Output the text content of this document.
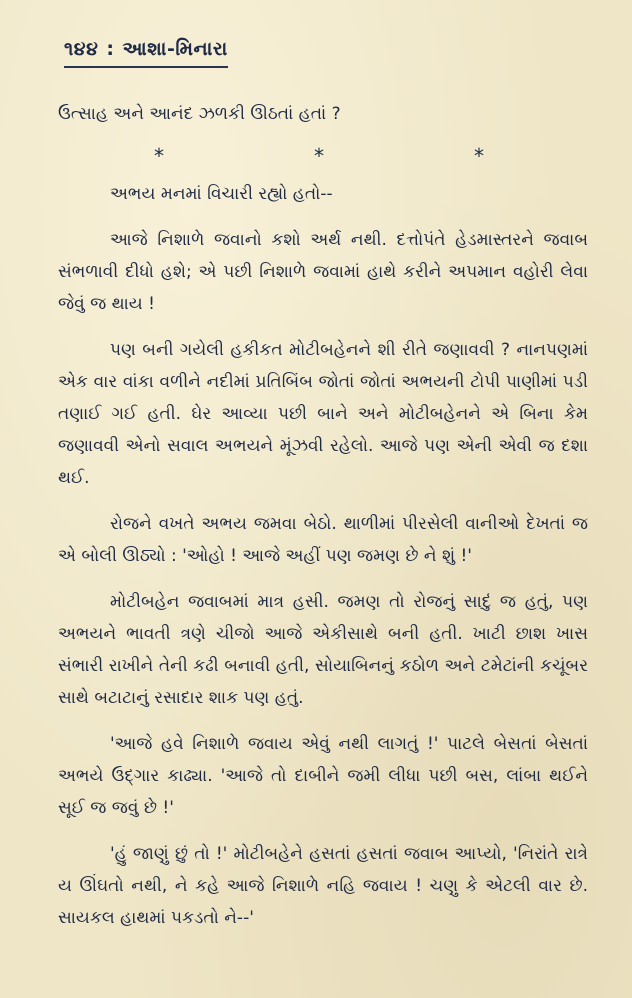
૧૪૪ : આશા-મિનારા

ઉત્સાહ અને આનંદ ઝળકી ઊઠતાં હતાં ?

*	*	*

અભય મનમાં વિચારી રહ્યો હતો--

આજે નિશાળે જવાનો કશો અર્થ નથી. દત્તોપંતે હેડમાસ્તરને જવાબ સંભળાવી દીધો હશે; એ પછી નિશાળે જવામાં હાથે કરીને અપમાન વહોરી લેવા જેવું જ થાય !

પણ બની ગયેલી હકીકત મોટીબહેનને શી રીતે જણાવવી ? નાનપણમાં એક વાર વાંકા વળીને નદીમાં પ્રતિબિંબ જોતાં જોતાં અભયની ટોપી પાણીમાં પડી તણાઈ ગઈ હતી. ઘેર આવ્યા પછી બાને અને મોટીબહેનને એ બિના કેમ જણાવવી એનો સવાલ અભયને મૂંઝવી રહેલો. આજે પણ એની એવી જ દશા થઈ.

રોજને વખતે અભય જમવા બેઠો. થાળીમાં પીરસેલી વાનીઓ દેખતાં જ એ બોલી ઊઠ્યો : 'ઓહો ! આજે અહીં પણ જમણ છે ને શું !'

મોટીબહેન જવાબમાં માત્ર હસી. જમણ તો રોજનું સાદું જ હતું, પણ અભયને ભાવતી ત્રણે ચીજો આજે એકીસાથે બની હતી. ખાટી છાશ ખાસ સંભારી રાખીને તેની કઢી બનાવી હતી, સોયાબિનનું કઠોળ અને ટમેટાંની કચૂંબર સાથે બટાટાનું રસાદાર શાક પણ હતું.

'આજે હવે નિશાળે જવાય એવું નથી લાગતું !' પાટલે બેસતાં બેસતાં અભયે ઉદ્ગાર કાઢ્યા. 'આજે તો દાબીને જમી લીધા પછી બસ, લાંબા થઈને સૂઈ જ જવું છે !'

'હું જાણું છું તો !' મોટીબહેને હસતાં હસતાં જવાબ આપ્યો, 'નિરાંતે રાત્રે ય ઊંઘતો નથી, ને કહે આજે નિશાળે નહિ જવાય ! ચણુ કે એટલી વાર છે. સાયકલ હાથમાં પકડતો ને--'
